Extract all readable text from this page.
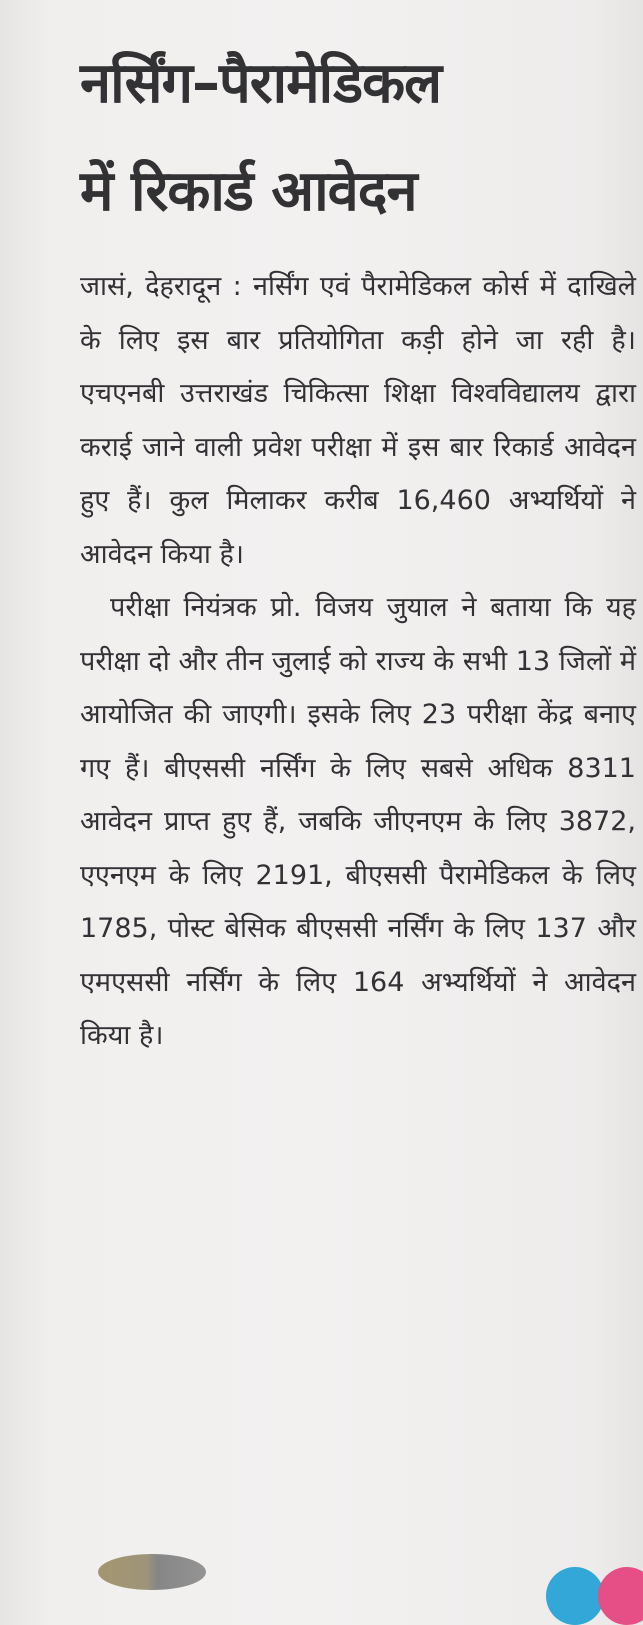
नर्सिंग–पैरामेडिकल
में रिकार्ड आवेदन

जासं, देहरादून : नर्सिंग एवं पैरामेडिकल कोर्स में दाखिले के लिए इस बार प्रतियोगिता कड़ी होने जा रही है। एचएनबी उत्तराखंड चिकित्सा शिक्षा विश्वविद्यालय द्वारा कराई जाने वाली प्रवेश परीक्षा में इस बार रिकार्ड आवेदन हुए हैं। कुल मिलाकर करीब 16,460 अभ्यर्थियों ने आवेदन किया है।

परीक्षा नियंत्रक प्रो. विजय जुयाल ने बताया कि यह परीक्षा दो और तीन जुलाई को राज्य के सभी 13 जिलों में आयोजित की जाएगी। इसके लिए 23 परीक्षा केंद्र बनाए गए हैं। बीएससी नर्सिंग के लिए सबसे अधिक 8311 आवेदन प्राप्त हुए हैं, जबकि जीएनएम के लिए 3872, एएनएम के लिए 2191, बीएससी पैरामेडिकल के लिए 1785, पोस्ट बेसिक बीएससी नर्सिंग के लिए 137 और एमएससी नर्सिंग के लिए 164 अभ्यर्थियों ने आवेदन किया है।
